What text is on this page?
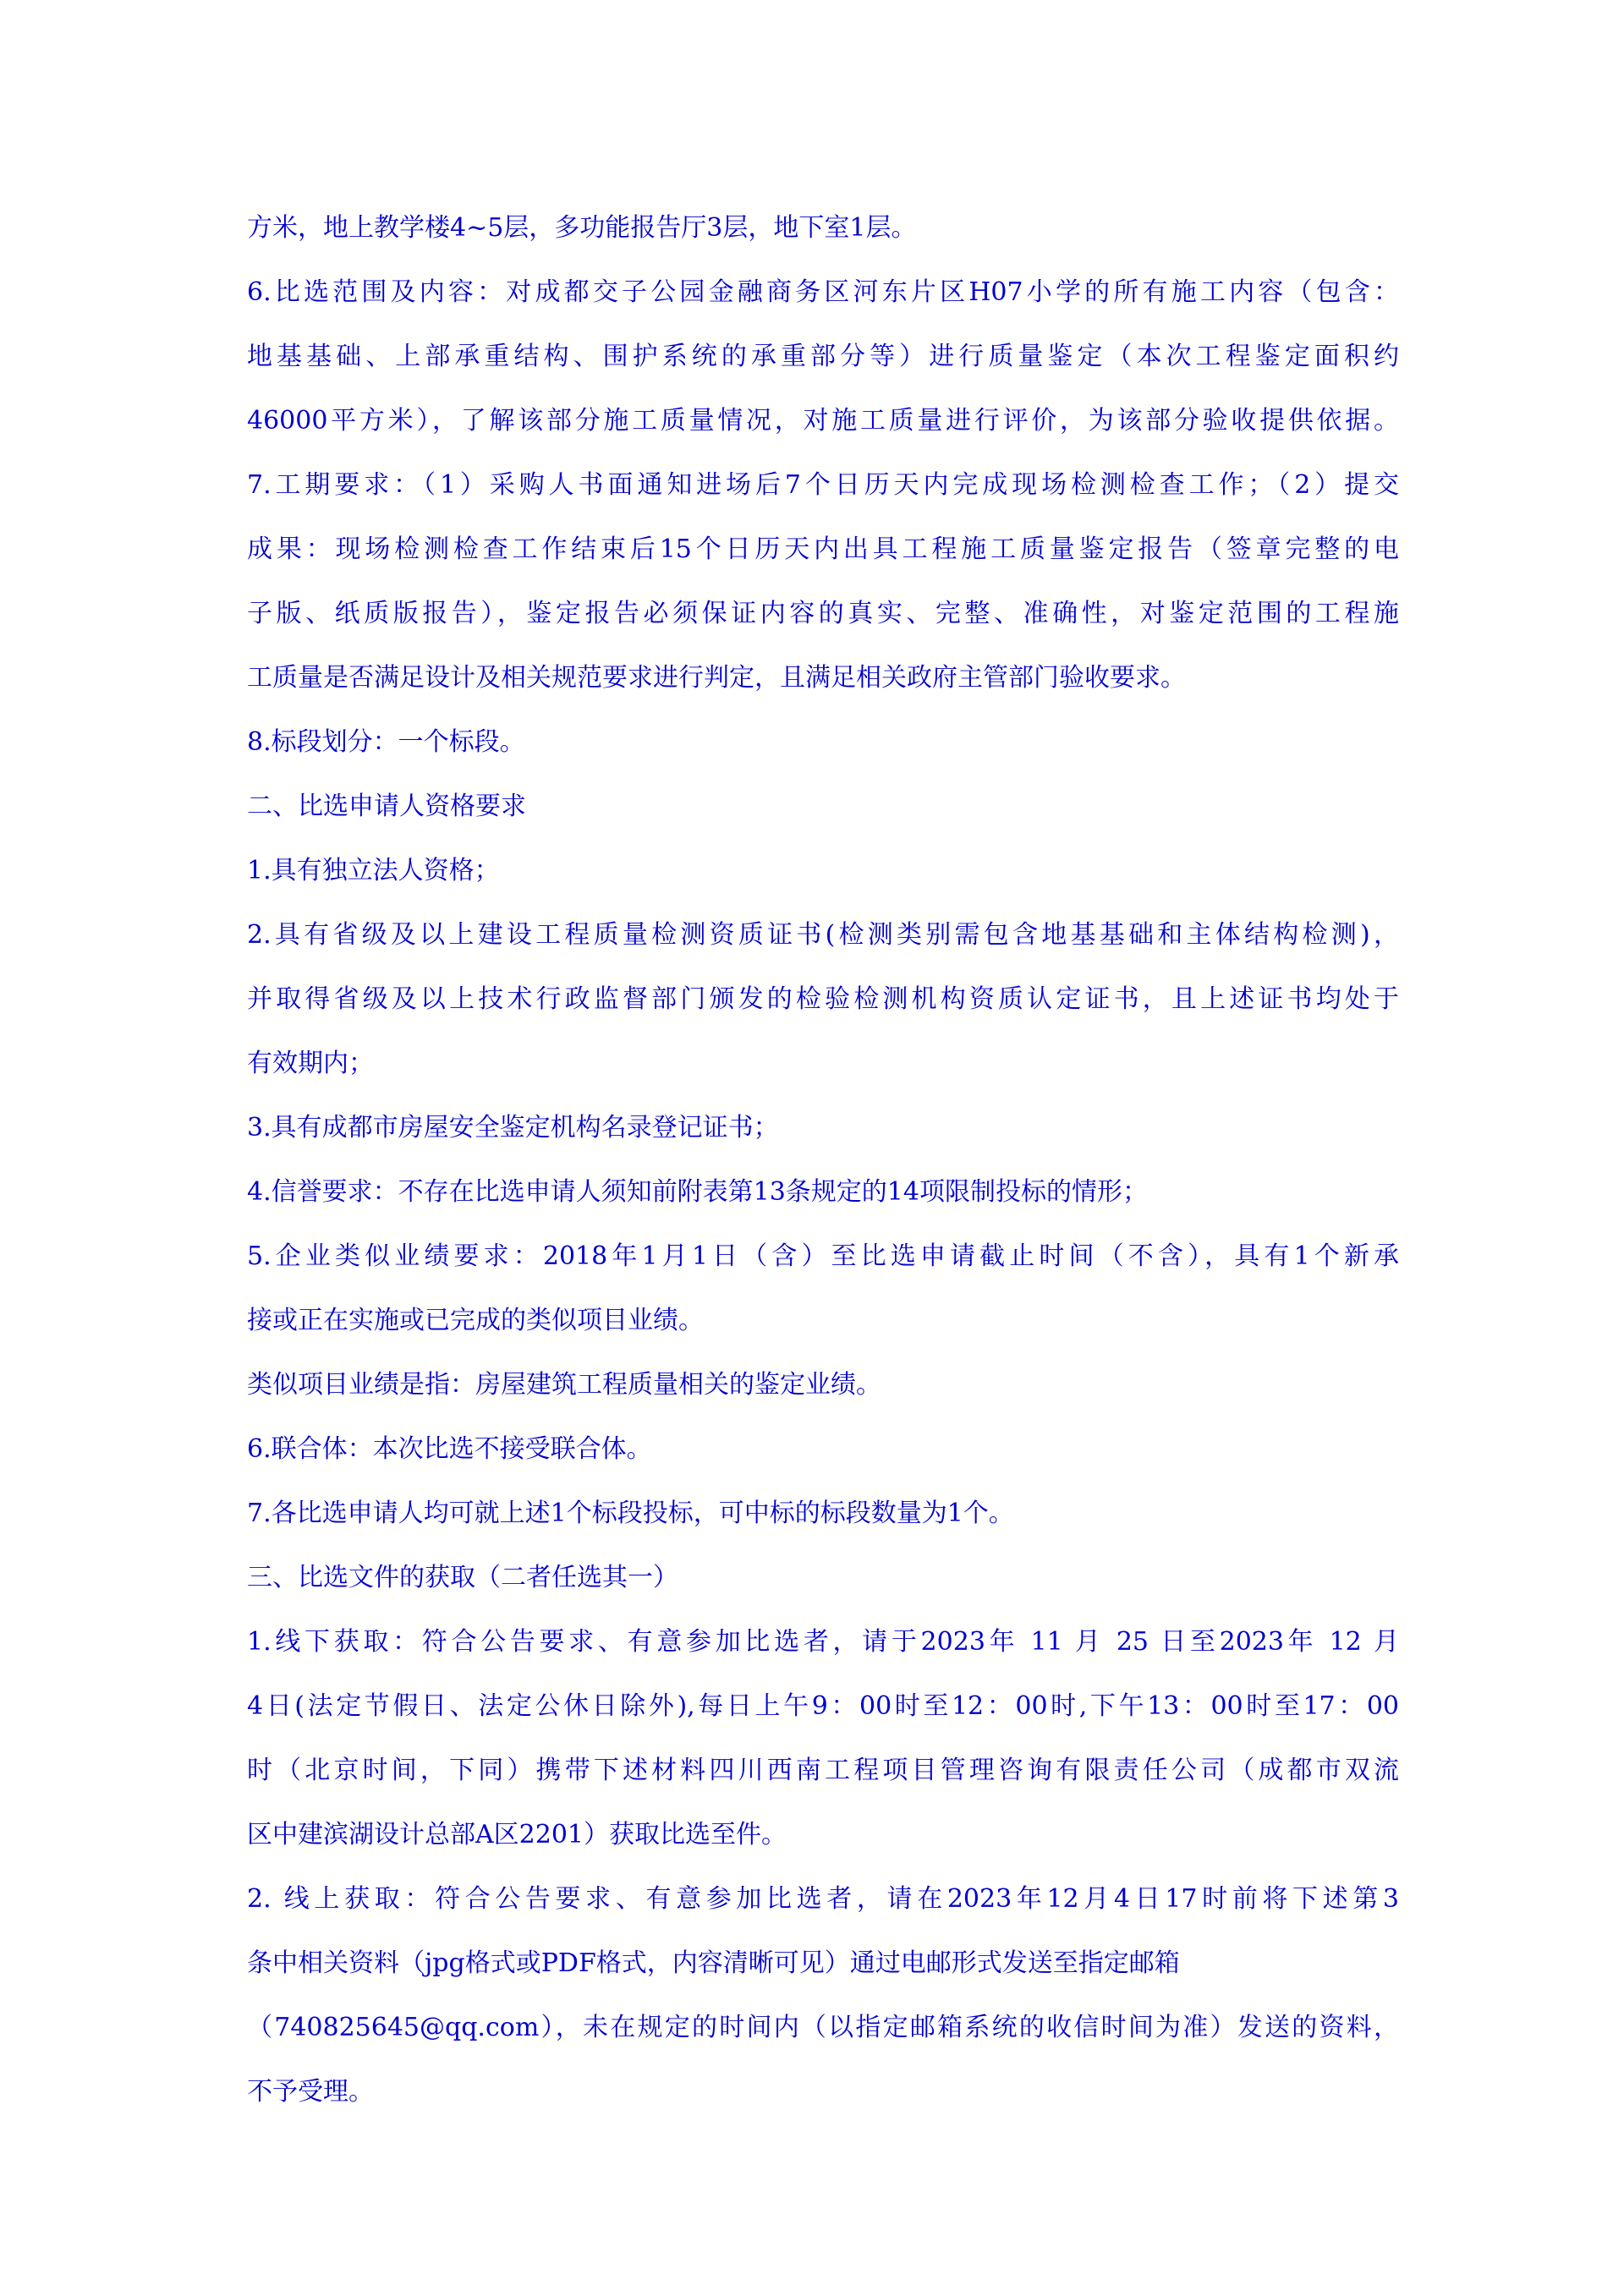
方米，地上教学楼4~5层，多功能报告厅3层，地下室1层。
6.比选范围及内容：对成都交子公园金融商务区河东片区H07小学的所有施工内容（包含：
地基基础、上部承重结构、围护系统的承重部分等）进行质量鉴定（本次工程鉴定面积约
46000平方米），了解该部分施工质量情况，对施工质量进行评价，为该部分验收提供依据。
7.工期要求：（1）采购人书面通知进场后7个日历天内完成现场检测检查工作；（2）提交
成果：现场检测检查工作结束后15个日历天内出具工程施工质量鉴定报告（签章完整的电
子版、纸质版报告），鉴定报告必须保证内容的真实、完整、准确性，对鉴定范围的工程施
工质量是否满足设计及相关规范要求进行判定，且满足相关政府主管部门验收要求。
8.标段划分：一个标段。
二、比选申请人资格要求
1.具有独立法人资格；
2.具有省级及以上建设工程质量检测资质证书(检测类别需包含地基基础和主体结构检测)，
并取得省级及以上技术行政监督部门颁发的检验检测机构资质认定证书，且上述证书均处于
有效期内；
3.具有成都市房屋安全鉴定机构名录登记证书；
4.信誉要求：不存在比选申请人须知前附表第13条规定的14项限制投标的情形；
5.企业类似业绩要求：2018年1月1日（含）至比选申请截止时间（不含），具有1个新承
接或正在实施或已完成的类似项目业绩。
类似项目业绩是指：房屋建筑工程质量相关的鉴定业绩。
6.联合体：本次比选不接受联合体。
7.各比选申请人均可就上述1个标段投标，可中标的标段数量为1个。
三、比选文件的获取（二者任选其一）
1.线下获取：符合公告要求、有意参加比选者，请于2023年 11 月 25 日至2023年 12 月
4日(法定节假日、法定公休日除外),每日上午9：00时至12：00时,下午13：00时至17：00
时（北京时间，下同）携带下述材料四川西南工程项目管理咨询有限责任公司（成都市双流
区中建滨湖设计总部A区2201）获取比选至件。
2. 线上获取：符合公告要求、有意参加比选者，请在2023年12月4日17时前将下述第3
条中相关资料（jpg格式或PDF格式，内容清晰可见）通过电邮形式发送至指定邮箱
（740825645@qq.com），未在规定的时间内（以指定邮箱系统的收信时间为准）发送的资料，
不予受理。
